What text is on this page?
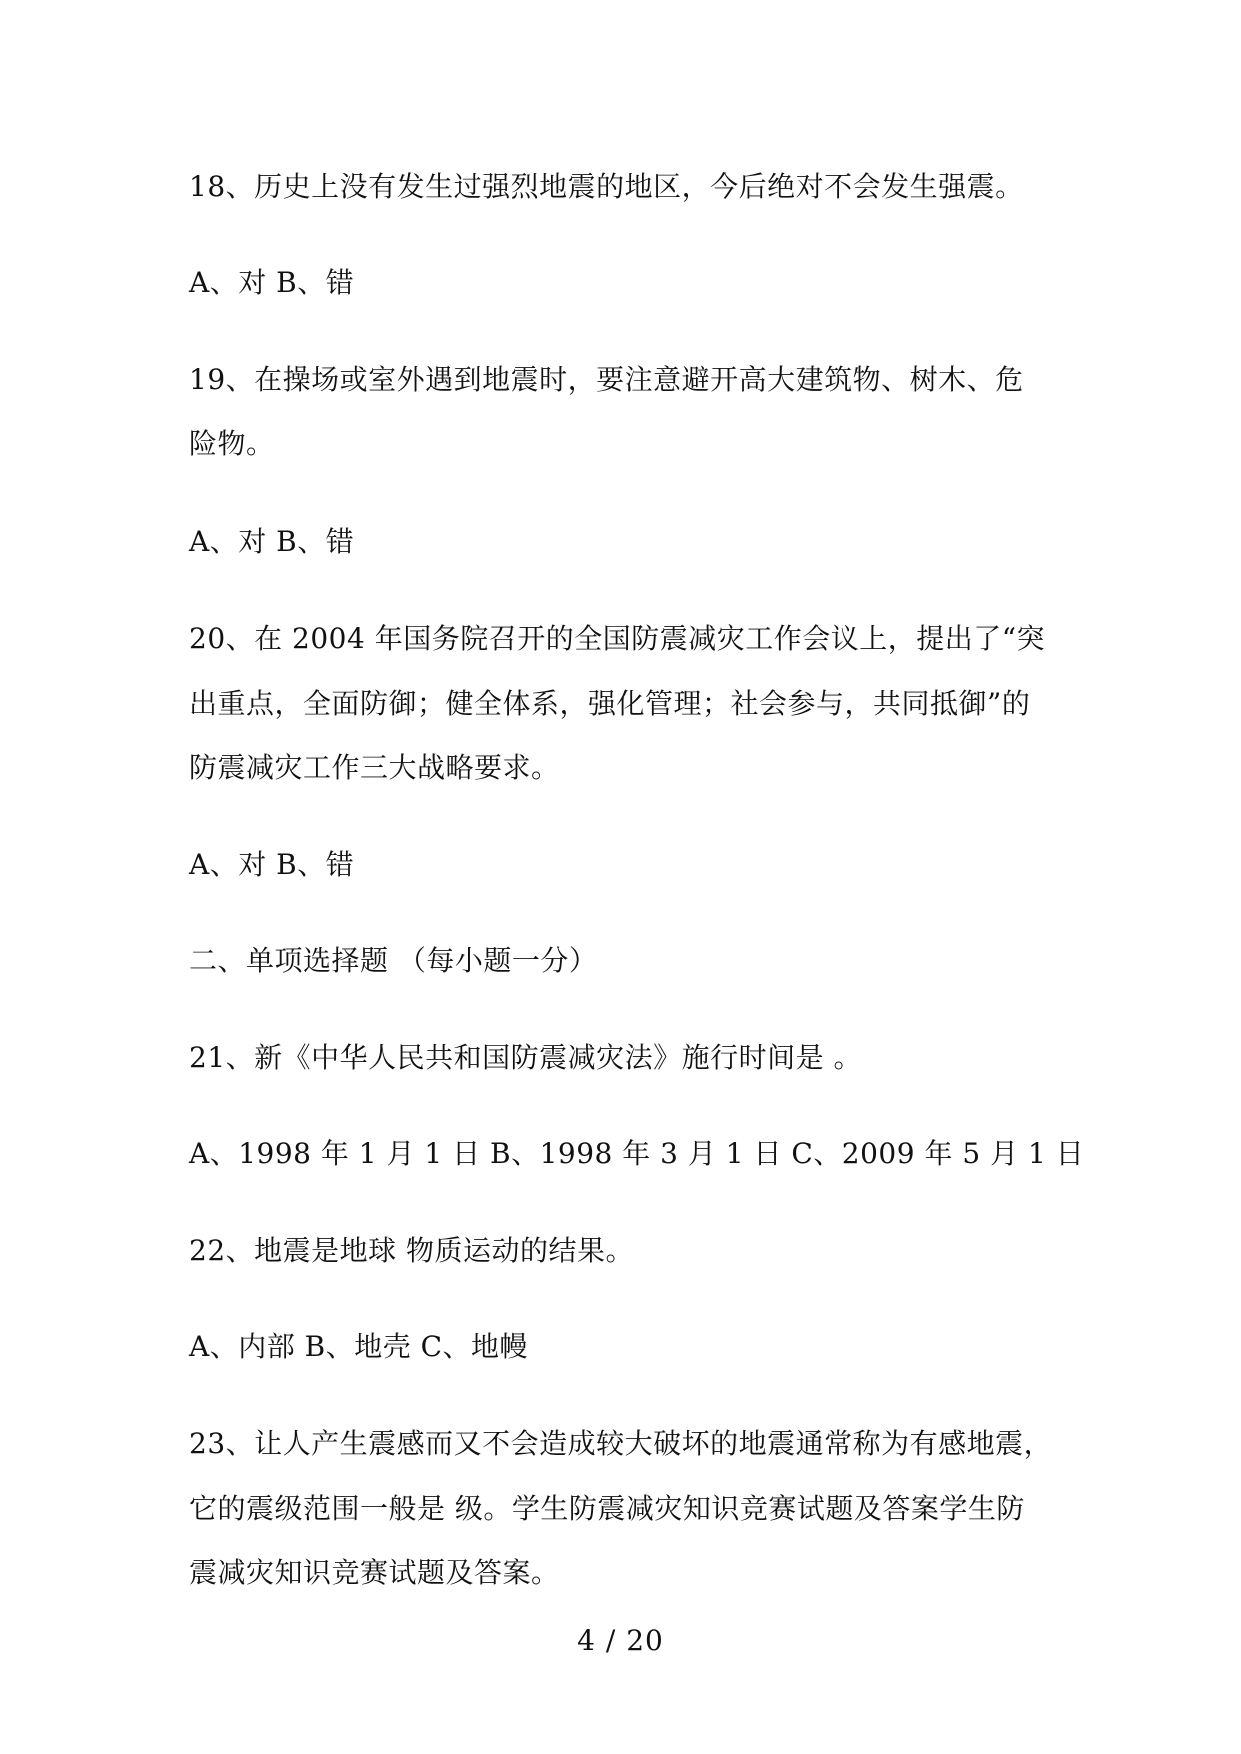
18、历史上没有发生过强烈地震的地区，今后绝对不会发生强震。
A、对 B、错
19、在操场或室外遇到地震时，要注意避开高大建筑物、树木、危
险物。
A、对 B、错
20、在 2004 年国务院召开的全国防震减灾工作会议上，提出了“突
出重点，全面防御；健全体系，强化管理；社会参与，共同抵御”的
防震减灾工作三大战略要求。
A、对 B、错
二、单项选择题 （每小题一分）
21、新《中华人民共和国防震减灾法》施行时间是 。
A、1998 年 1 月 1 日 B、1998 年 3 月 1 日 C、2009 年 5 月 1 日
22、地震是地球 物质运动的结果。
A、内部 B、地壳 C、地幔
23、让人产生震感而又不会造成较大破坏的地震通常称为有感地震，
它的震级范围一般是 级。学生防震减灾知识竞赛试题及答案学生防
震减灾知识竞赛试题及答案。
4 / 20
